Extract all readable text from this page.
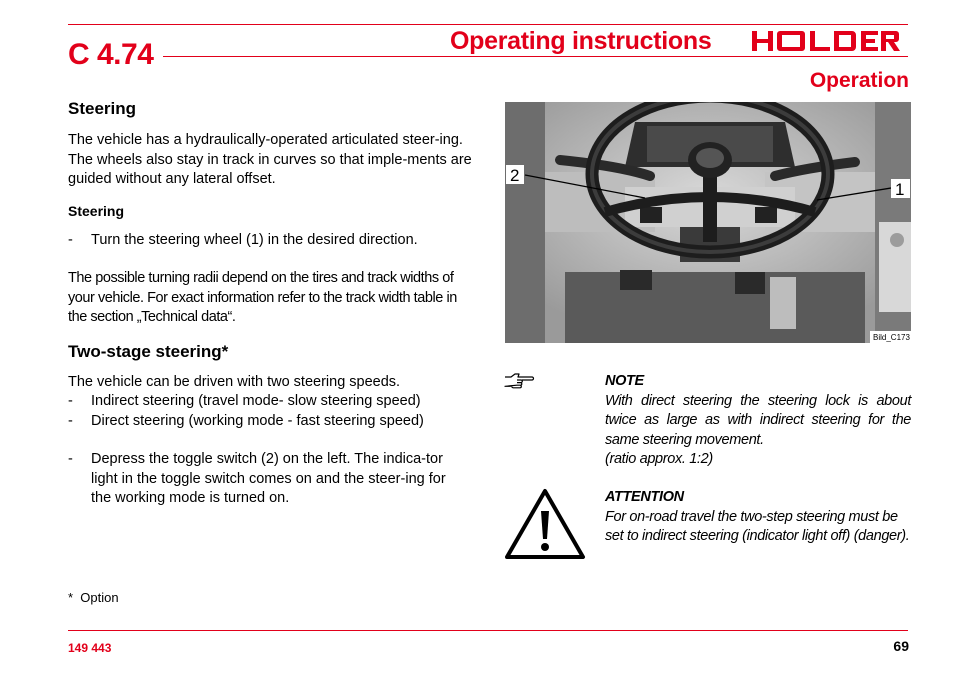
C 4.74	Operating instructions
Operation
Steering
The vehicle has a hydraulically-operated articulated steer-ing. The wheels also stay in track in curves so that imple-ments are guided without any lateral offset.
Steering
- Turn the steering wheel (1) in the desired direction.
The possible turning radii depend on the tires and track widths of your vehicle. For exact information refer to the track width table in the section „Technical data“.
Two-stage steering*
The vehicle can be driven with two steering speeds.
- Indirect steering (travel mode- slow steering speed)
- Direct steering (working mode - fast steering speed)
- Depress the toggle switch (2) on the left. The indica-tor light in the toggle switch comes on and the steer-ing for the working mode is turned on.
*  Option
2
1
Bild_C173
NOTE
With direct steering the steering lock is about twice as large as with indirect steering for the same steering movement.
(ratio approx. 1:2)
ATTENTION
For on-road travel the two-step steering must be set to indirect steering (indicator light off) (danger).
149 443	69
